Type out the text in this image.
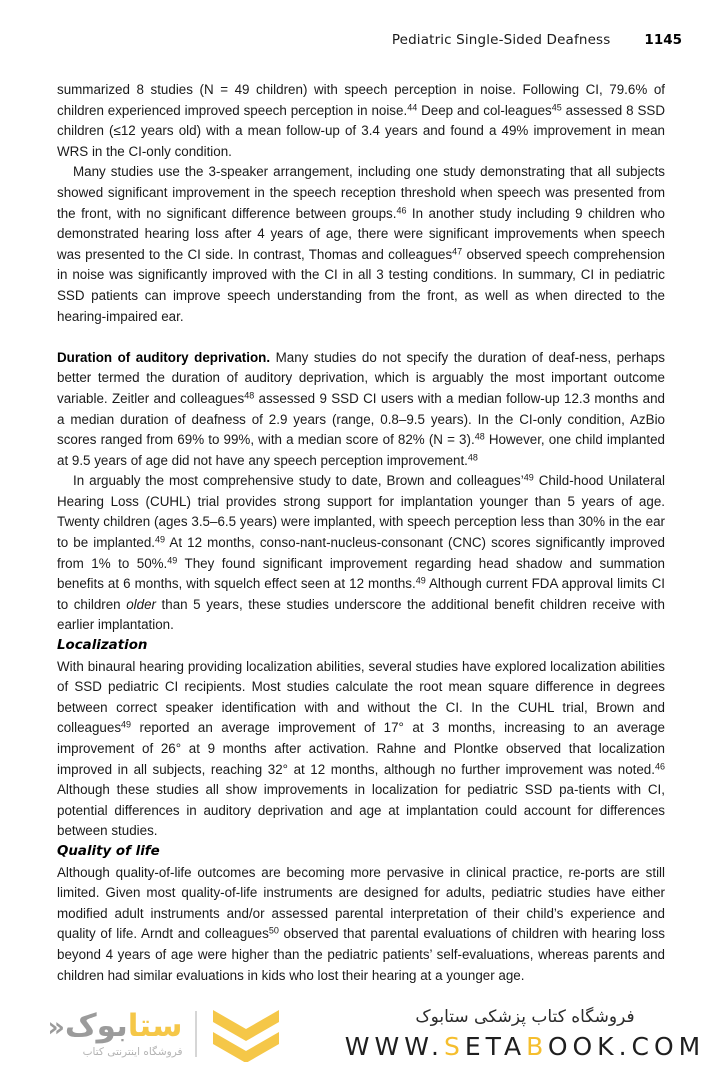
Pediatric Single-Sided Deafness	1145

summarized 8 studies (N = 49 children) with speech perception in noise. Following CI, 79.6% of children experienced improved speech perception in noise.$^{44}$ Deep and col-leagues$^{45}$ assessed 8 SSD children (≤12 years old) with a mean follow-up of 3.4 years and found a 49% improvement in mean WRS in the CI-only condition.

Many studies use the 3-speaker arrangement, including one study demonstrating that all subjects showed significant improvement in the speech reception threshold when speech was presented from the front, with no significant difference between groups.$^{46}$ In another study including 9 children who demonstrated hearing loss after 4 years of age, there were significant improvements when speech was presented to the CI side. In contrast, Thomas and colleagues$^{47}$ observed speech comprehension in noise was significantly improved with the CI in all 3 testing conditions. In summary, CI in pediatric SSD patients can improve speech understanding from the front, as well as when directed to the hearing-impaired ear.

Duration of auditory deprivation. Many studies do not specify the duration of deaf-ness, perhaps better termed the duration of auditory deprivation, which is arguably the most important outcome variable. Zeitler and colleagues$^{48}$ assessed 9 SSD CI users with a median follow-up 12.3 months and a median duration of deafness of 2.9 years (range, 0.8–9.5 years). In the CI-only condition, AzBio scores ranged from 69% to 99%, with a median score of 82% (N = 3).$^{48}$ However, one child implanted at 9.5 years of age did not have any speech perception improvement.$^{48}$

In arguably the most comprehensive study to date, Brown and colleagues’$^{49}$ Child-hood Unilateral Hearing Loss (CUHL) trial provides strong support for implantation younger than 5 years of age. Twenty children (ages 3.5–6.5 years) were implanted, with speech perception less than 30% in the ear to be implanted.$^{49}$ At 12 months, conso-nant-nucleus-consonant (CNC) scores significantly improved from 1% to 50%.$^{49}$ They found significant improvement regarding head shadow and summation benefits at 6 months, with squelch effect seen at 12 months.$^{49}$ Although current FDA approval limits CI to children older than 5 years, these studies underscore the additional benefit children receive with earlier implantation.

Localization

With binaural hearing providing localization abilities, several studies have explored localization abilities of SSD pediatric CI recipients. Most studies calculate the root mean square difference in degrees between correct speaker identification with and without the CI. In the CUHL trial, Brown and colleagues$^{49}$ reported an average improvement of 17° at 3 months, increasing to an average improvement of 26° at 9 months after activation. Rahne and Plontke observed that localization improved in all subjects, reaching 32° at 12 months, although no further improvement was noted.$^{46}$ Although these studies all show improvements in localization for pediatric SSD pa-tients with CI, potential differences in auditory deprivation and age at implantation could account for differences between studies.

Quality of life

Although quality-of-life outcomes are becoming more pervasive in clinical practice, re-ports are still limited. Given most quality-of-life instruments are designed for adults, pediatric studies have either modified adult instruments and/or assessed parental interpretation of their child’s experience and quality of life. Arndt and colleagues$^{50}$ observed that parental evaluations of children with hearing loss beyond 4 years of age were higher than the pediatric patients’ self-evaluations, whereas parents and children had similar evaluations in kids who lost their hearing at a younger age.

ستابوک«
فروشگاه اینترنتی کتاب
فروشگاه کتاب پزشکی ستابوک
WWW.SETABOOK.COM
